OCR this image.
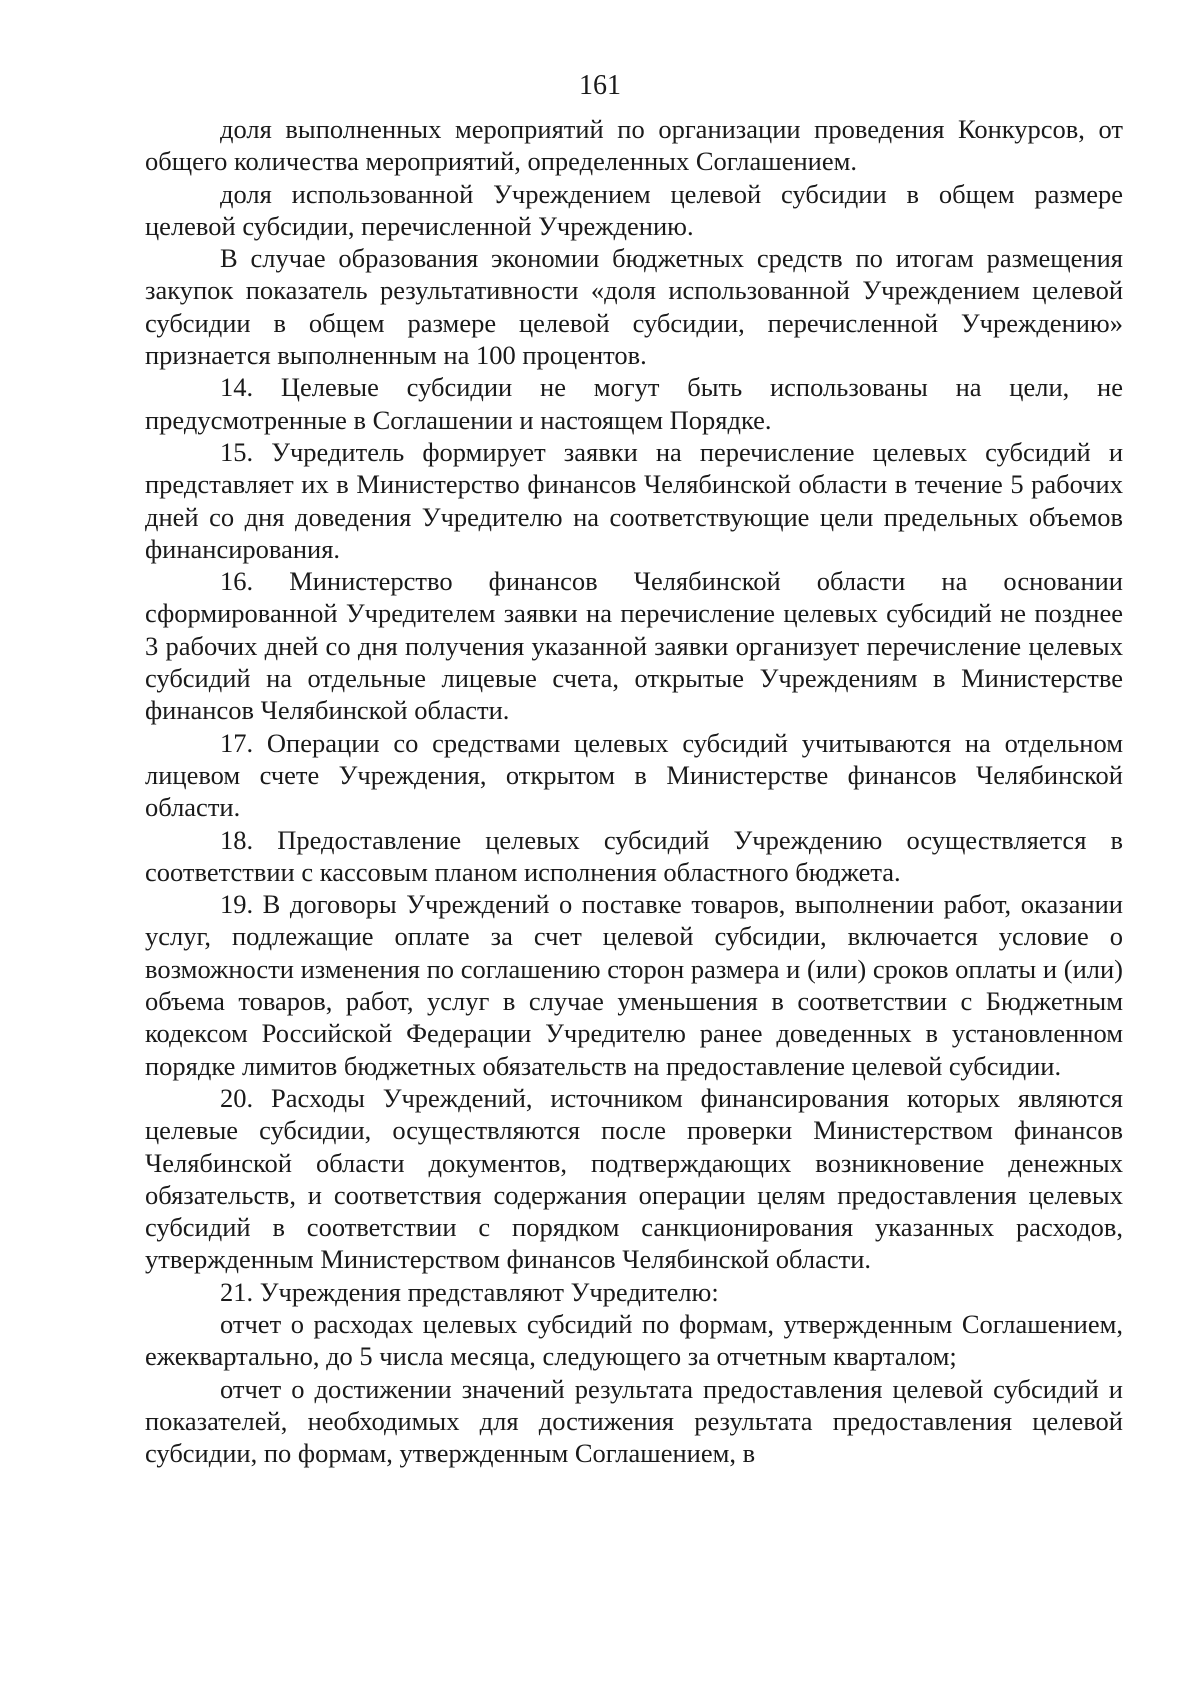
161

доля выполненных мероприятий по организации проведения Конкурсов, от общего количества мероприятий, определенных Соглашением.

доля использованной Учреждением целевой субсидии в общем размере целевой субсидии, перечисленной Учреждению.

В случае образования экономии бюджетных средств по итогам размещения закупок показатель результативности «доля использованной Учреждением целевой субсидии в общем размере целевой субсидии, перечисленной Учреждению» признается выполненным на 100 процентов.

14. Целевые субсидии не могут быть использованы на цели, не предусмотренные в Соглашении и настоящем Порядке.

15. Учредитель формирует заявки на перечисление целевых субсидий и представляет их в Министерство финансов Челябинской области в течение 5 рабочих дней со дня доведения Учредителю на соответствующие цели предельных объемов финансирования.

16. Министерство финансов Челябинской области на основании сформированной Учредителем заявки на перечисление целевых субсидий не позднее 3 рабочих дней со дня получения указанной заявки организует перечисление целевых субсидий на отдельные лицевые счета, открытые Учреждениям в Министерстве финансов Челябинской области.

17. Операции со средствами целевых субсидий учитываются на отдельном лицевом счете Учреждения, открытом в Министерстве финансов Челябинской области.

18. Предоставление целевых субсидий Учреждению осуществляется в соответствии с кассовым планом исполнения областного бюджета.

19. В договоры Учреждений о поставке товаров, выполнении работ, оказании услуг, подлежащие оплате за счет целевой субсидии, включается условие о возможности изменения по соглашению сторон размера и (или) сроков оплаты и (или) объема товаров, работ, услуг в случае уменьшения в соответствии с Бюджетным кодексом Российской Федерации Учредителю ранее доведенных в установленном порядке лимитов бюджетных обязательств на предоставление целевой субсидии.

20. Расходы Учреждений, источником финансирования которых являются целевые субсидии, осуществляются после проверки Министерством финансов Челябинской области документов, подтверждающих возникновение денежных обязательств, и соответствия содержания операции целям предоставления целевых субсидий в соответствии с порядком санкционирования указанных расходов, утвержденным Министерством финансов Челябинской области.

21. Учреждения представляют Учредителю:

отчет о расходах целевых субсидий по формам, утвержденным Соглашением, ежеквартально, до 5 числа месяца, следующего за отчетным кварталом;

отчет о достижении значений результата предоставления целевой субсидий и показателей, необходимых для достижения результата предоставления целевой субсидии, по формам, утвержденным Соглашением, в
